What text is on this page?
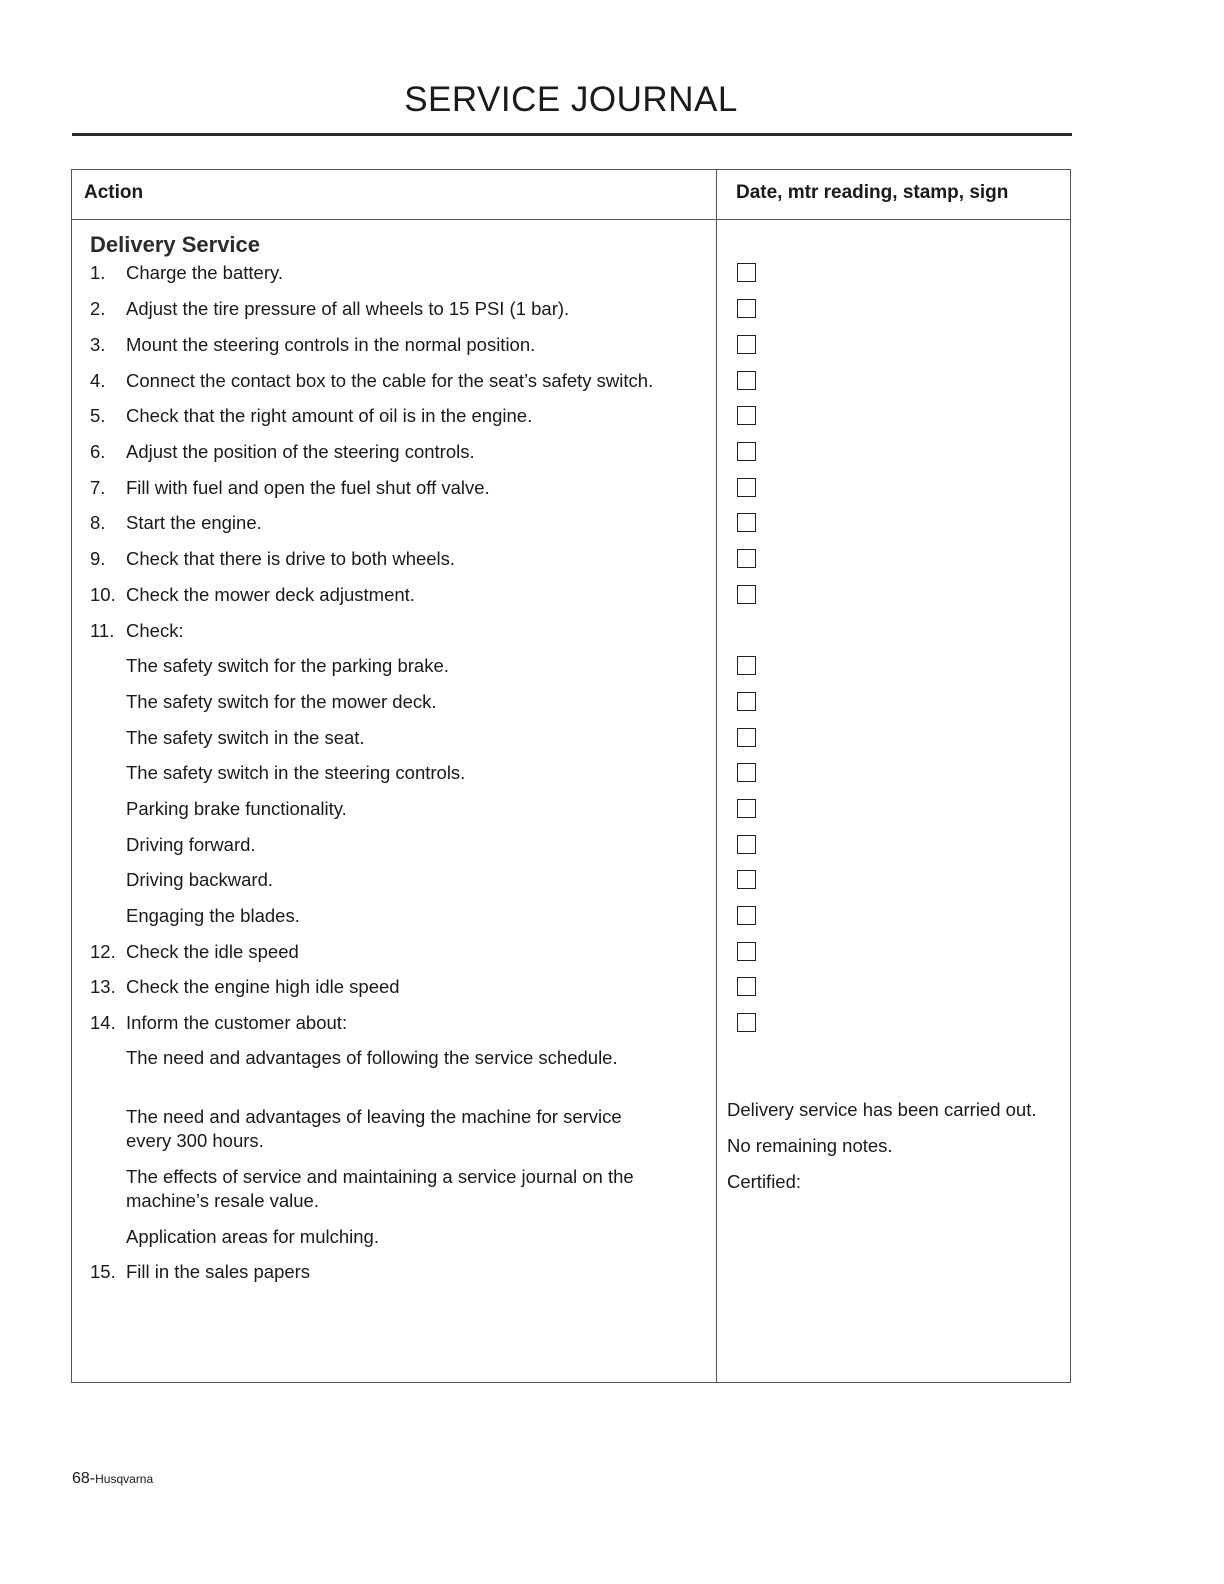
SERVICE JOURNAL
Action	Date, mtr reading, stamp, sign
Delivery Service
1.	Charge the battery.
2.	Adjust the tire pressure of all wheels to 15 PSI (1 bar).
3.	Mount the steering controls in the normal position.
4.	Connect the contact box to the cable for the seat’s safety switch.
5.	Check that the right amount of oil is in the engine.
6.	Adjust the position of the steering controls.
7.	Fill with fuel and open the fuel shut off valve.
8.	Start the engine.
9.	Check that there is drive to both wheels.
10. Check the mower deck adjustment.
11. Check:
The safety switch for the parking brake.
The safety switch for the mower deck.
The safety switch in the seat.
The safety switch in the steering controls.
Parking brake functionality.
Driving forward.
Driving backward.
Engaging the blades.
12. Check the idle speed
13. Check the engine high idle speed
14. Inform the customer about:
The need and advantages of following the service schedule.
The need and advantages of leaving the machine for service every 300 hours.
The effects of service and maintaining a service journal on the machine’s resale value.
Application areas for mulching.
15. Fill in the sales papers
Delivery service has been carried out.
No remaining notes.
Certified:
68-Husqvarna
